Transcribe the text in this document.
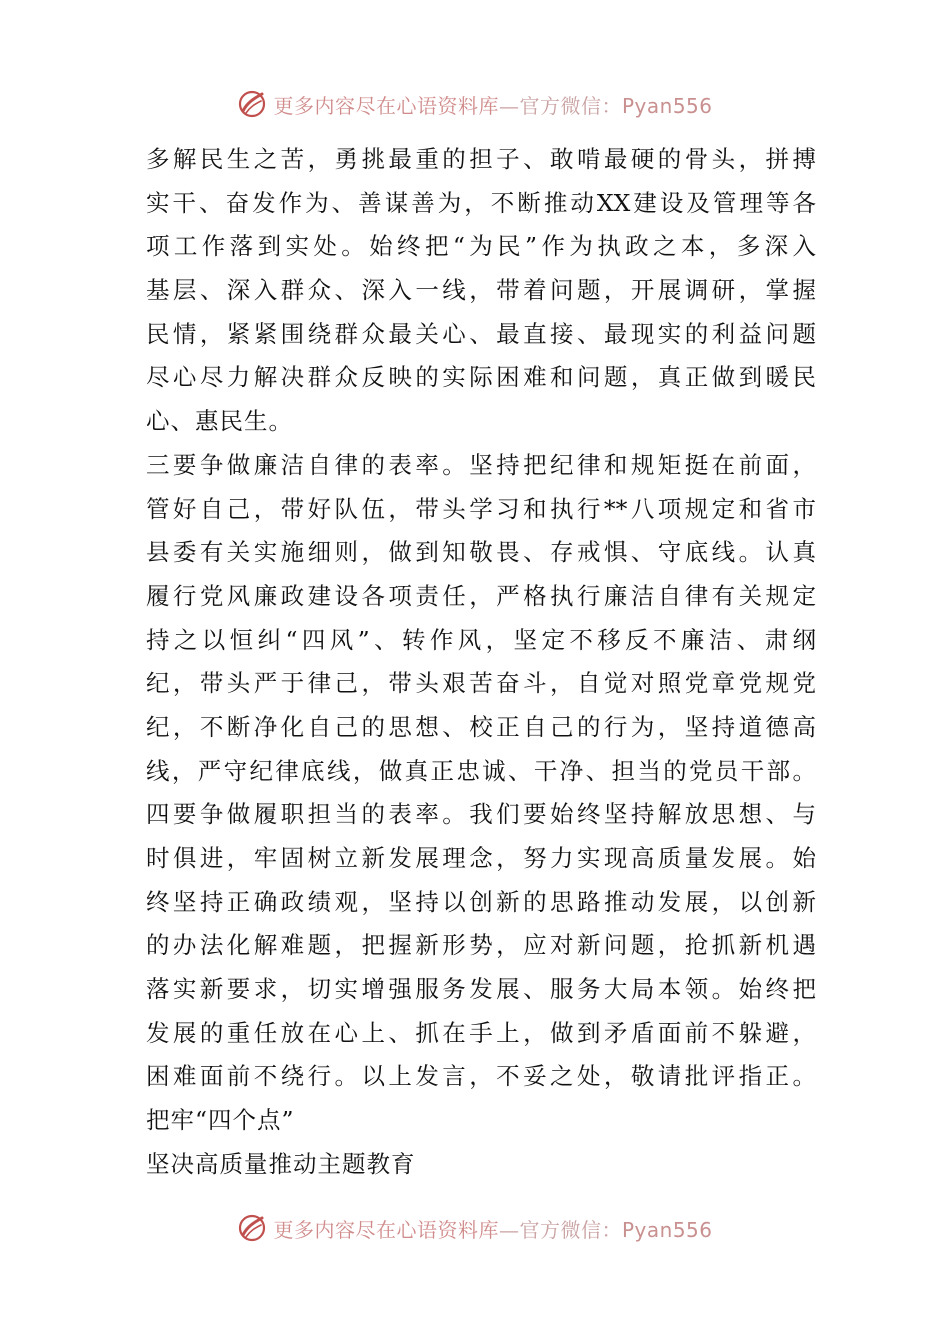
更多内容尽在心语资料库—官方微信：Pyan556
多解民生之苦，勇挑最重的担子、敢啃最硬的骨头，拼搏
实干、奋发作为、善谋善为，不断推动XX建设及管理等各
项工作落到实处。始终把“为民”作为执政之本，多深入
基层、深入群众、深入一线，带着问题，开展调研，掌握
民情，紧紧围绕群众最关心、最直接、最现实的利益问题
尽心尽力解决群众反映的实际困难和问题，真正做到暖民
心、惠民生。
三要争做廉洁自律的表率。坚持把纪律和规矩挺在前面，
管好自己，带好队伍，带头学习和执行**八项规定和省市
县委有关实施细则，做到知敬畏、存戒惧、守底线。认真
履行党风廉政建设各项责任，严格执行廉洁自律有关规定
持之以恒纠“四风”、转作风，坚定不移反不廉洁、肃纲
纪，带头严于律己，带头艰苦奋斗，自觉对照党章党规党
纪，不断净化自己的思想、校正自己的行为，坚持道德高
线，严守纪律底线，做真正忠诚、干净、担当的党员干部。
四要争做履职担当的表率。我们要始终坚持解放思想、与
时俱进，牢固树立新发展理念，努力实现高质量发展。始
终坚持正确政绩观，坚持以创新的思路推动发展，以创新
的办法化解难题，把握新形势，应对新问题，抢抓新机遇
落实新要求，切实增强服务发展、服务大局本领。始终把
发展的重任放在心上、抓在手上，做到矛盾面前不躲避，
困难面前不绕行。以上发言，不妥之处，敬请批评指正。
把牢“四个点”
坚决高质量推动主题教育
更多内容尽在心语资料库—官方微信：Pyan556
